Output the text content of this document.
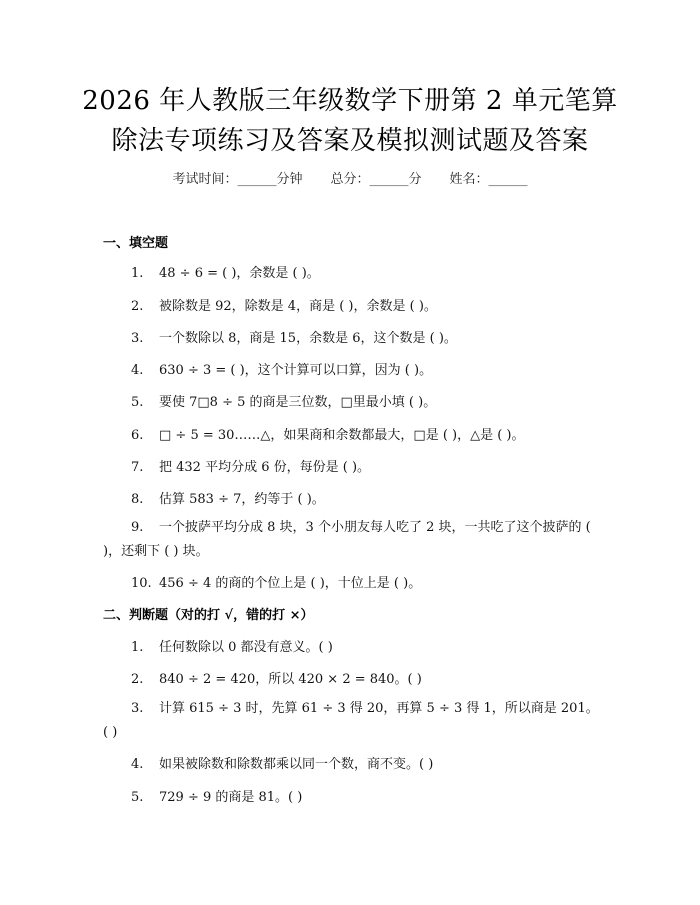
2026 年人教版三年级数学下册第 2 单元笔算
除法专项练习及答案及模拟测试题及答案
考试时间：______分钟 总分：______分 姓名：______
一、填空题
1. 48 ÷ 6 = ( )，余数是 ( )。
2. 被除数是 92，除数是 4，商是 ( )，余数是 ( )。
3. 一个数除以 8，商是 15，余数是 6，这个数是 ( )。
4. 630 ÷ 3 = ( )，这个计算可以口算，因为 ( )。
5. 要使 7□8 ÷ 5 的商是三位数，□里最小填 ( )。
6. □ ÷ 5 = 30……△，如果商和余数都最大，□是 ( )，△是 ( )。
7. 把 432 平均分成 6 份，每份是 ( )。
8. 估算 583 ÷ 7，约等于 ( )。
9. 一个披萨平均分成 8 块，3 个小朋友每人吃了 2 块，一共吃了这个披萨的 ( )，还剩下 ( ) 块。
10. 456 ÷ 4 的商的个位上是 ( )，十位上是 ( )。
二、判断题（对的打 √，错的打 ×）
1. 任何数除以 0 都没有意义。( )
2. 840 ÷ 2 = 420，所以 420 × 2 = 840。( )
3. 计算 615 ÷ 3 时，先算 61 ÷ 3 得 20，再算 5 ÷ 3 得 1，所以商是 201。( )
4. 如果被除数和除数都乘以同一个数，商不变。( )
5. 729 ÷ 9 的商是 81。( )
